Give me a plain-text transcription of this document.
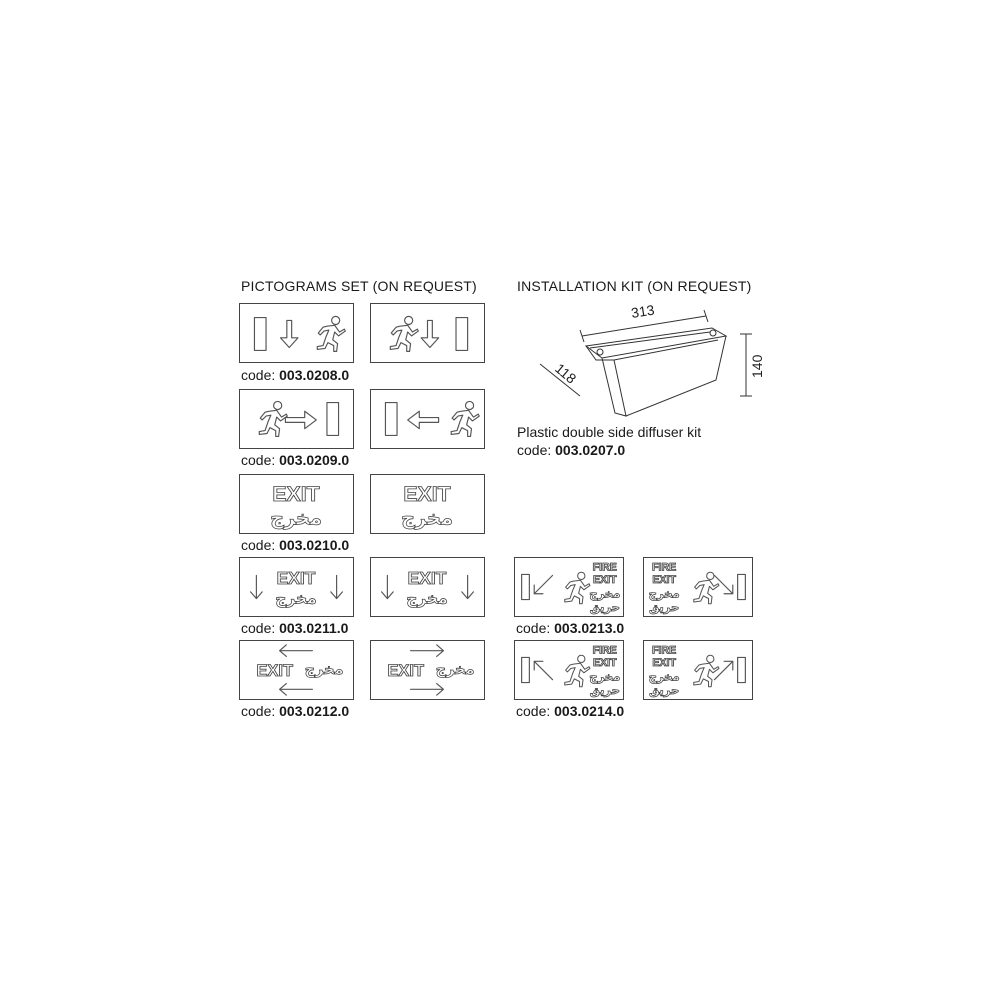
PICTOGRAMS SET (ON REQUEST)
code: 003.0208.0
code: 003.0209.0
EXIT
مخرج
EXIT
مخرج
code: 003.0210.0
EXIT
مخرج
EXIT
مخرج
code: 003.0211.0
EXIT مخرج	EXIT مخرج
code: 003.0212.0
INSTALLATION KIT (ON REQUEST)
313
118	140
Plastic double side diffuser kit
code: 003.0207.0
FIRE
EXIT
مخرج
حريق
FIRE
EXIT
مخرج
حريق
code: 003.0213.0
FIRE
EXIT
مخرج
حريق
FIRE
EXIT
مخرج
حريق
code: 003.0214.0
